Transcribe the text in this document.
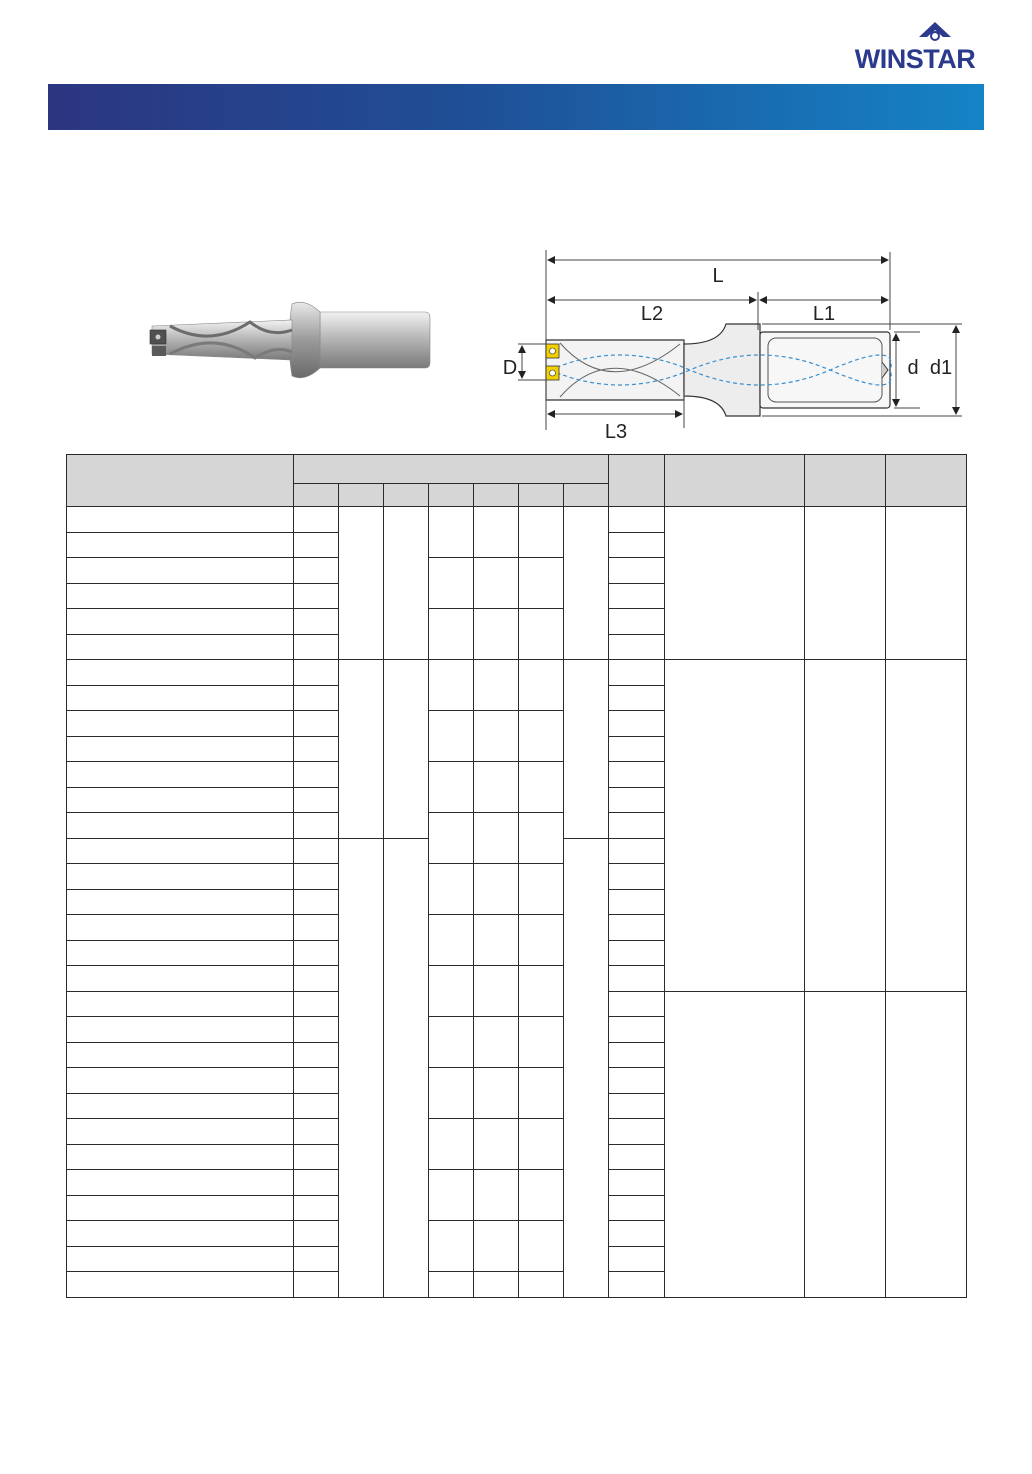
WINSTAR
L
L2	L1
L3
D	d d1
